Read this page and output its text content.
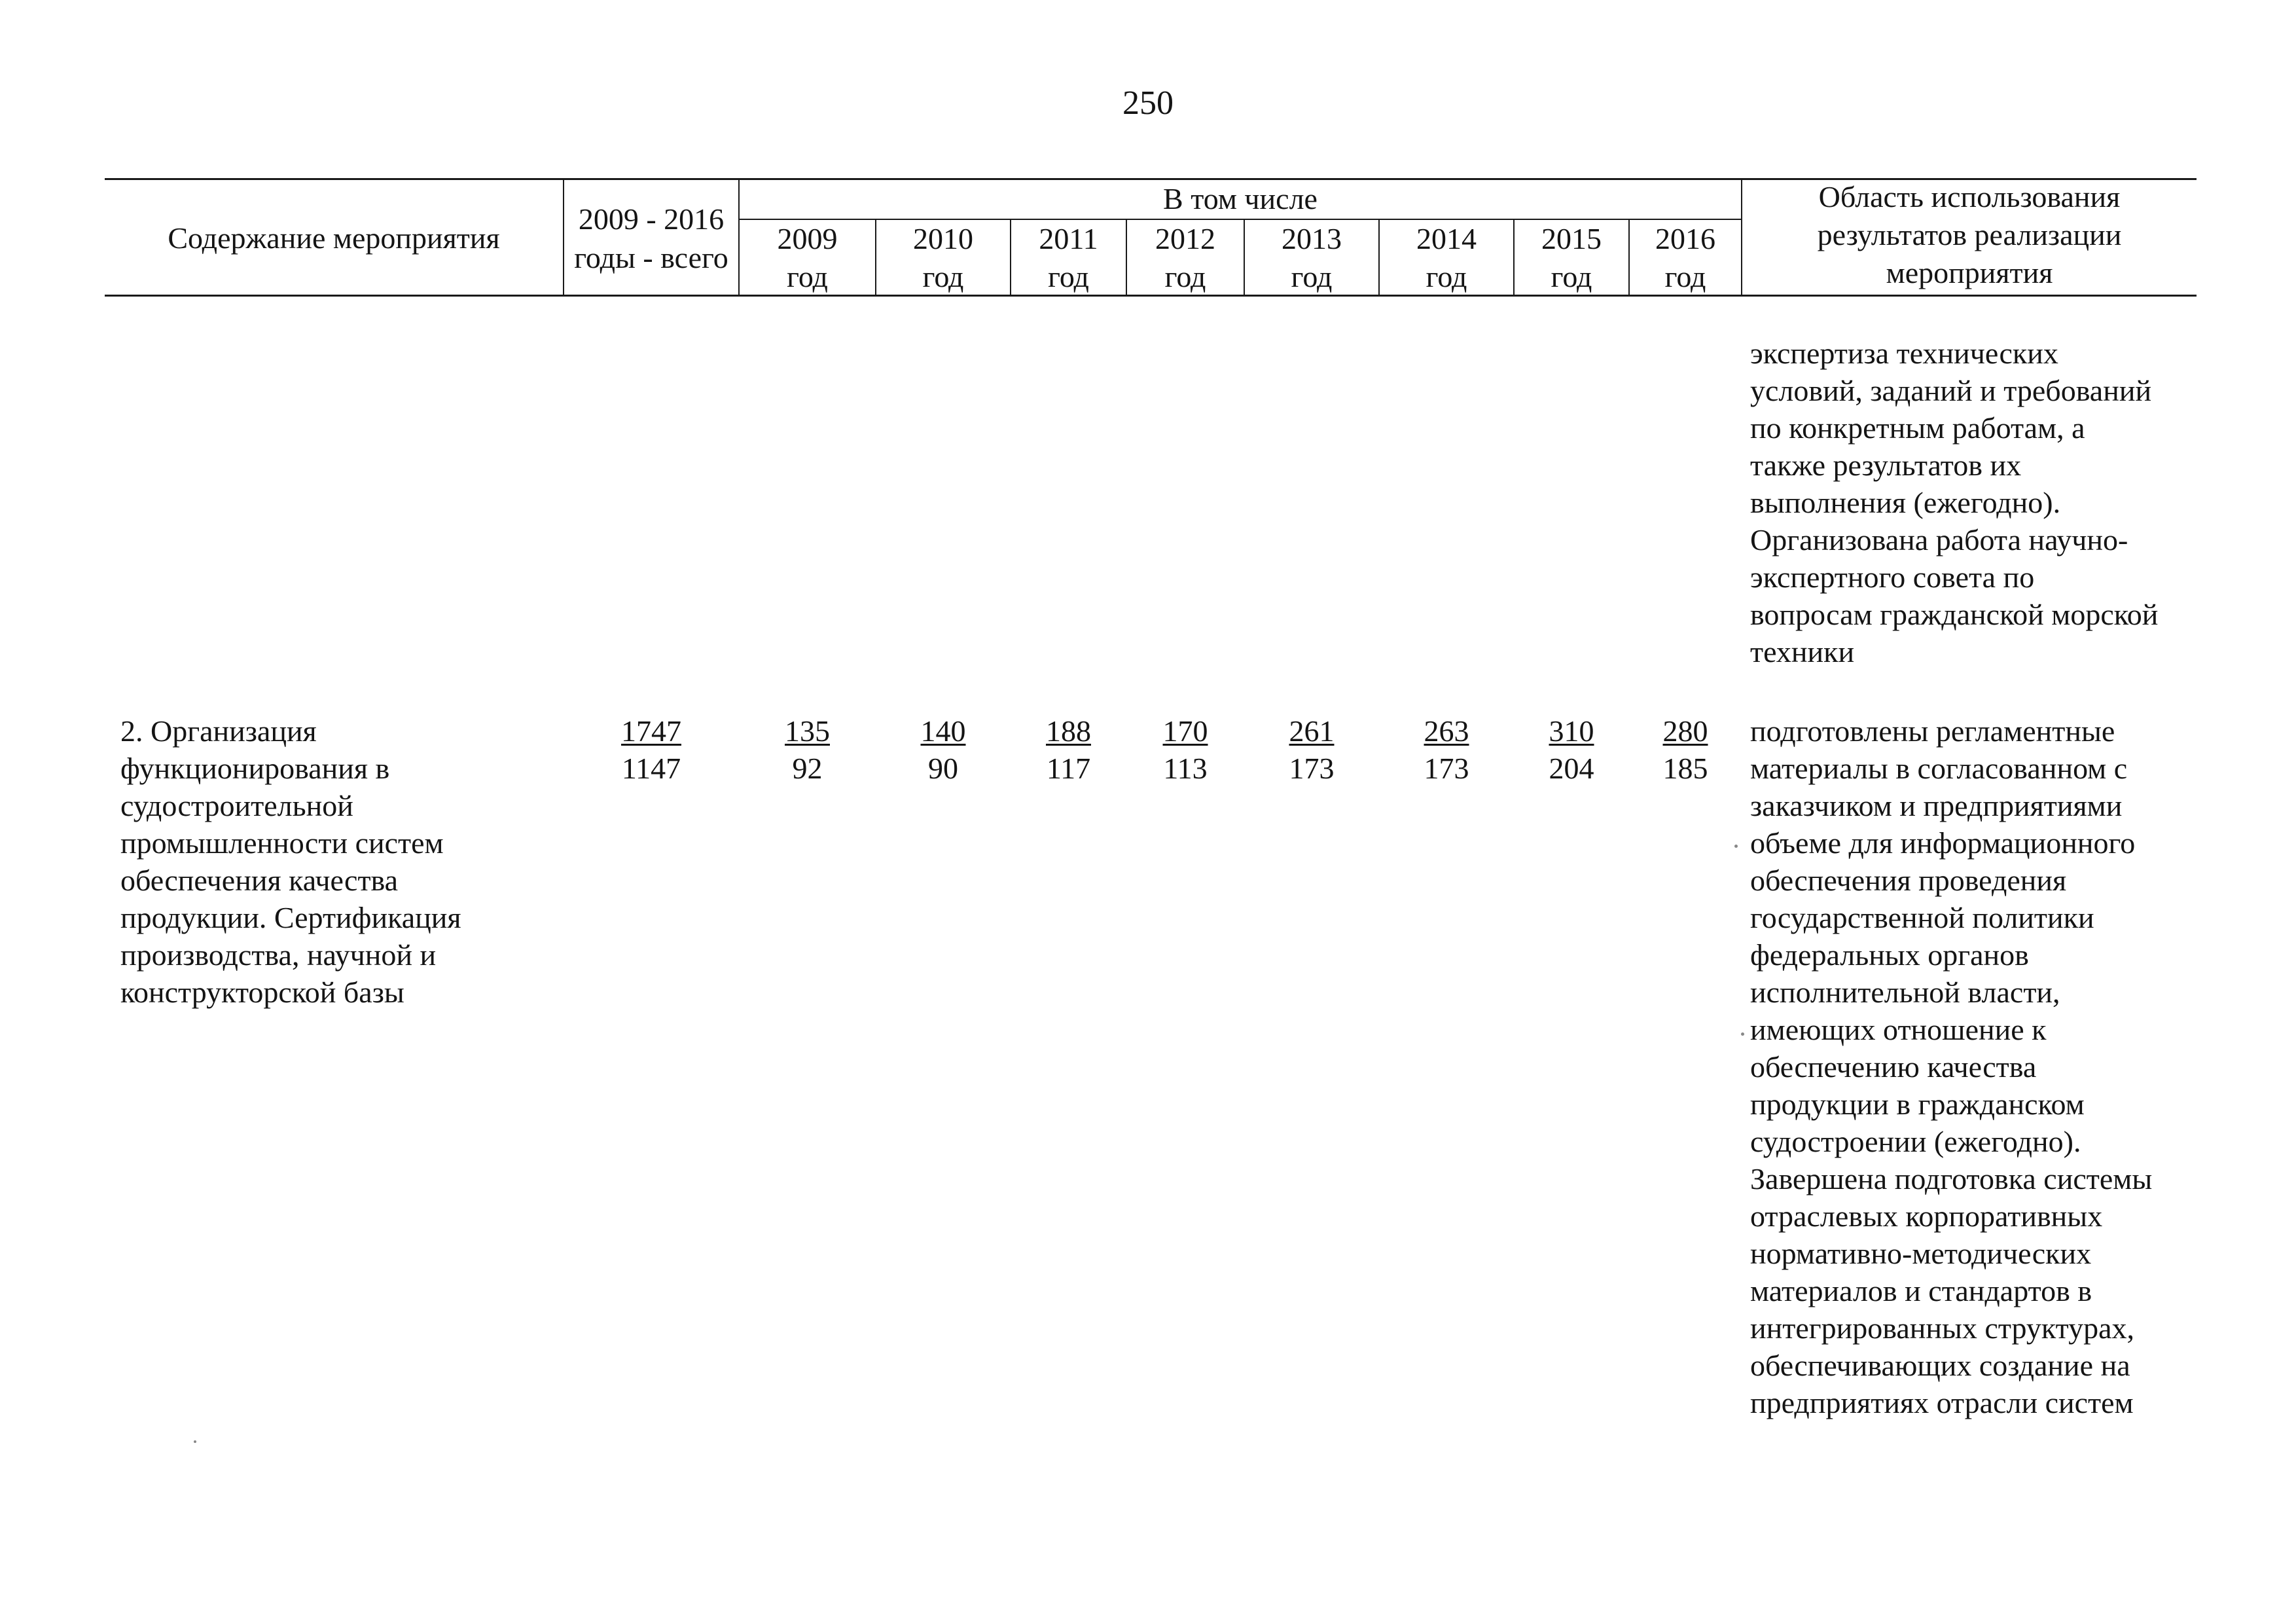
250
Содержание мероприятия
2009 - 2016
годы - всего
В том числе
2009
год
2010
год
2011
год
2012
год
2013
год
2014
год
2015
год
2016
год
Область использования
результатов реализации
мероприятия
экспертиза технических
условий, заданий и требований
по конкретным работам, а
также результатов их
выполнения (ежегодно).
Организована работа научно-
экспертного совета по
вопросам гражданской морской
техники
2. Организация
функционирования в
судостроительной
промышленности систем
обеспечения качества
продукции. Сертификация
производства, научной и
конструкторской базы
1747
1147
135
92
140
90
188
117
170
113
261
173
263
173
310
204
280
185
подготовлены регламентные
материалы в согласованном с
заказчиком и предприятиями
объеме для информационного
обеспечения проведения
государственной политики
федеральных органов
исполнительной власти,
имеющих отношение к
обеспечению качества
продукции в гражданском
судостроении (ежегодно).
Завершена подготовка системы
отраслевых корпоративных
нормативно-методических
материалов и стандартов в
интегрированных структурах,
обеспечивающих создание на
предприятиях отрасли систем
